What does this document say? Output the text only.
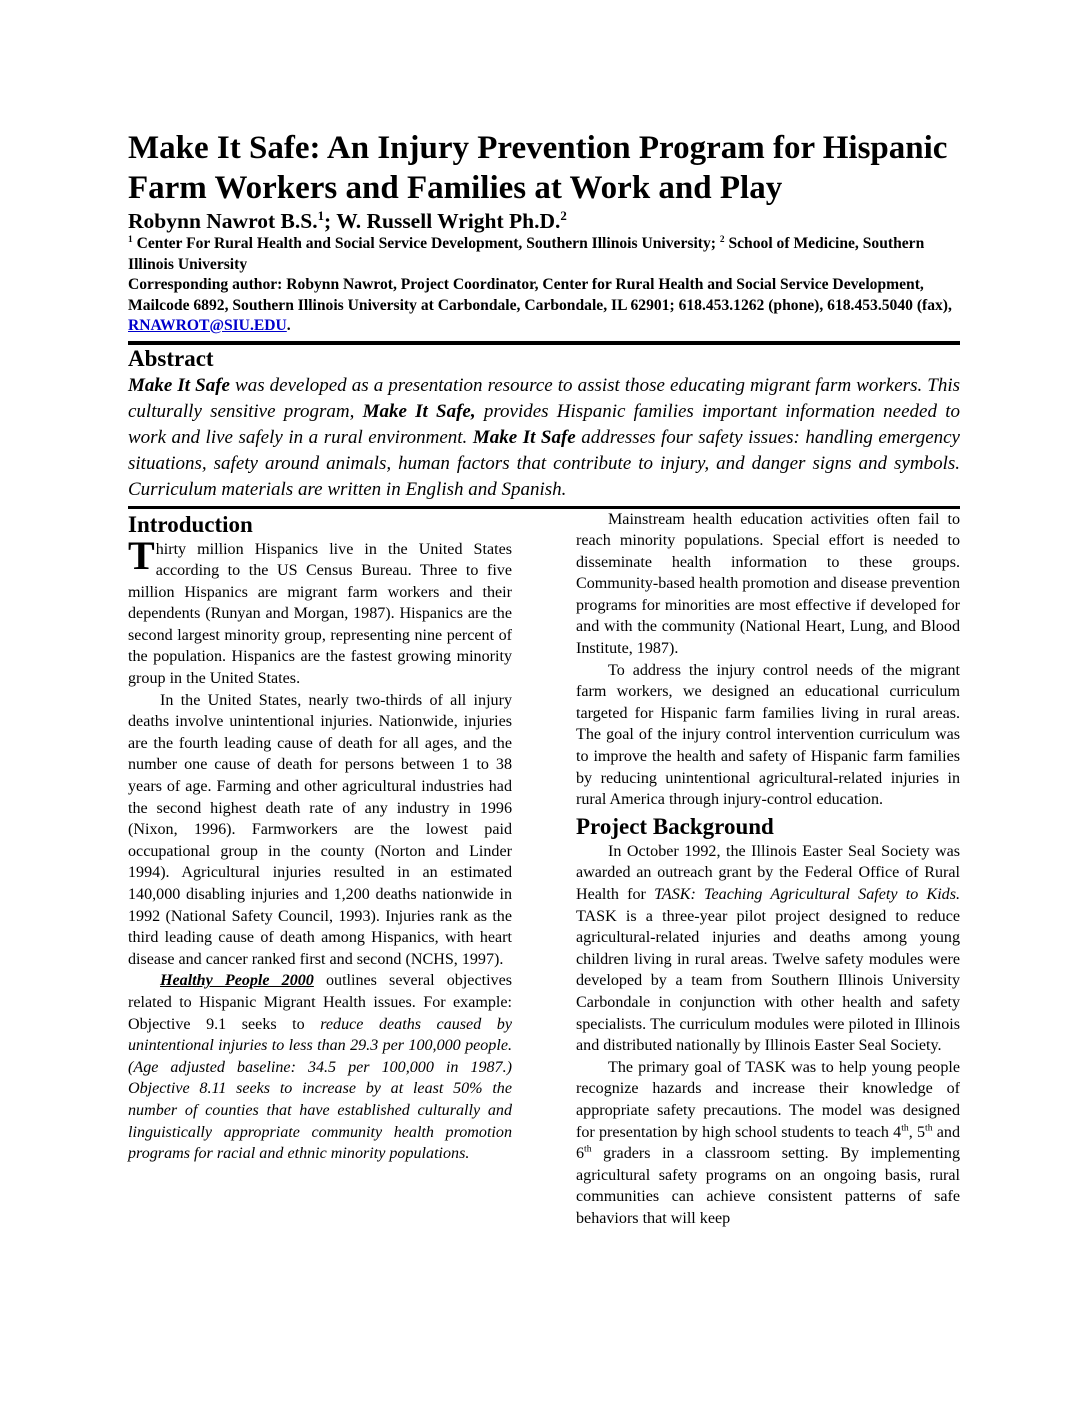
Make It Safe: An Injury Prevention Program for Hispanic Farm Workers and Families at Work and Play
Robynn Nawrot B.S.$^1$; W. Russell Wright Ph.D.$^2$
$^1$ Center For Rural Health and Social Service Development, Southern Illinois University; $^2$ School of Medicine, Southern Illinois University
Corresponding author: Robynn Nawrot, Project Coordinator, Center for Rural Health and Social Service Development, Mailcode 6892, Southern Illinois University at Carbondale, Carbondale, IL 62901; 618.453.1262 (phone), 618.453.5040 (fax), RNAWROT@SIU.EDU.
Abstract
Make It Safe was developed as a presentation resource to assist those educating migrant farm workers. This culturally sensitive program, Make It Safe, provides Hispanic families important information needed to work and live safely in a rural environment. Make It Safe addresses four safety issues: handling emergency situations, safety around animals, human factors that contribute to injury, and danger signs and symbols. Curriculum materials are written in English and Spanish.
Introduction

Thirty million Hispanics live in the United States according to the US Census Bureau. Three to five million Hispanics are migrant farm workers and their dependents (Runyan and Morgan, 1987). Hispanics are the second largest minority group, representing nine percent of the population. Hispanics are the fastest growing minority group in the United States.

In the United States, nearly two-thirds of all injury deaths involve unintentional injuries. Nationwide, injuries are the fourth leading cause of death for all ages, and the number one cause of death for persons between 1 to 38 years of age. Farming and other agricultural industries had the second highest death rate of any industry in 1996 (Nixon, 1996). Farmworkers are the lowest paid occupational group in the county (Norton and Linder 1994). Agricultural injuries resulted in an estimated 140,000 disabling injuries and 1,200 deaths nationwide in 1992 (National Safety Council, 1993). Injuries rank as the third leading cause of death among Hispanics, with heart disease and cancer ranked first and second (NCHS, 1997).

Healthy People 2000 outlines several objectives related to Hispanic Migrant Health issues. For example: Objective 9.1 seeks to reduce deaths caused by unintentional injuries to less than 29.3 per 100,000 people. (Age adjusted baseline: 34.5 per 100,000 in 1987.) Objective 8.11 seeks to increase by at least 50% the number of counties that have established culturally and linguistically appropriate community health promotion programs for racial and ethnic minority populations.

Mainstream health education activities often fail to reach minority populations. Special effort is needed to disseminate health information to these groups. Community-based health promotion and disease prevention programs for minorities are most effective if developed for and with the community (National Heart, Lung, and Blood Institute, 1987).

To address the injury control needs of the migrant farm workers, we designed an educational curriculum targeted for Hispanic farm families living in rural areas. The goal of the injury control intervention curriculum was to improve the health and safety of Hispanic farm families by reducing unintentional agricultural-related injuries in rural America through injury-control education.

Project Background

In October 1992, the Illinois Easter Seal Society was awarded an outreach grant by the Federal Office of Rural Health for TASK: Teaching Agricultural Safety to Kids. TASK is a three-year pilot project designed to reduce agricultural-related injuries and deaths among young children living in rural areas. Twelve safety modules were developed by a team from Southern Illinois University Carbondale in conjunction with other health and safety specialists. The curriculum modules were piloted in Illinois and distributed nationally by Illinois Easter Seal Society.

The primary goal of TASK was to help young people recognize hazards and increase their knowledge of appropriate safety precautions. The model was designed for presentation by high school students to teach 4th, 5th and 6th graders in a classroom setting. By implementing agricultural safety programs on an ongoing basis, rural communities can achieve consistent patterns of safe behaviors that will keep
